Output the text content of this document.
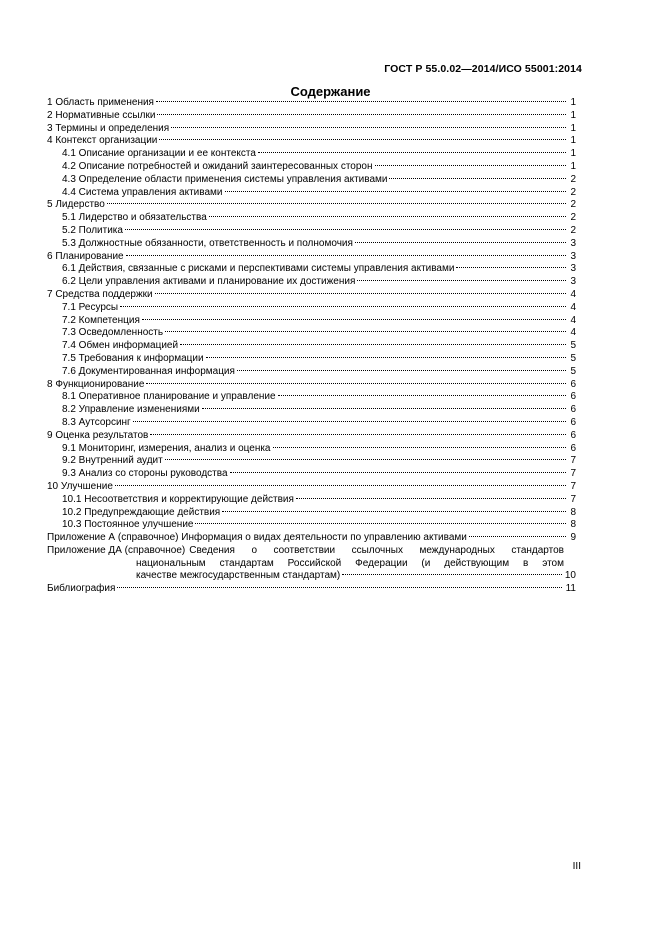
ГОСТ Р 55.0.02—2014/ИСО 55001:2014
Содержание
1 Область применения	1
2 Нормативные ссылки	1
3 Термины и определения	1
4 Контекст организации	1
4.1 Описание организации и ее контекста	1
4.2 Описание потребностей и ожиданий заинтересованных сторон	1
4.3 Определение области применения системы управления активами	2
4.4 Система управления активами	2
5 Лидерство	2
5.1 Лидерство и обязательства	2
5.2 Политика	2
5.3 Должностные обязанности, ответственность и полномочия	3
6 Планирование	3
6.1 Действия, связанные с рисками и перспективами системы управления активами	3
6.2 Цели управления активами и планирование их достижения	3
7 Средства поддержки	4
7.1 Ресурсы	4
7.2 Компетенция	4
7.3 Осведомленность	4
7.4 Обмен информацией	5
7.5 Требования к информации	5
7.6 Документированная информация	5
8 Функционирование	6
8.1 Оперативное планирование и управление	6
8.2 Управление изменениями	6
8.3 Аутсорсинг	6
9 Оценка результатов	6
9.1 Мониторинг, измерения, анализ и оценка	6
9.2 Внутренний аудит	7
9.3 Анализ со стороны руководства	7
10 Улучшение	7
10.1 Несоответствия и корректирующие действия	7
10.2 Предупреждающие действия	8
10.3 Постоянное улучшение	8
Приложение А (справочное) Информация о видах деятельности по управлению активами	9
Приложение ДА (справочное) Сведения о соответствии ссылочных международных стандартов
национальным стандартам Российской Федерации (и действующим в этом
качестве межгосударственным стандартам)	10
Библиография	11
III
